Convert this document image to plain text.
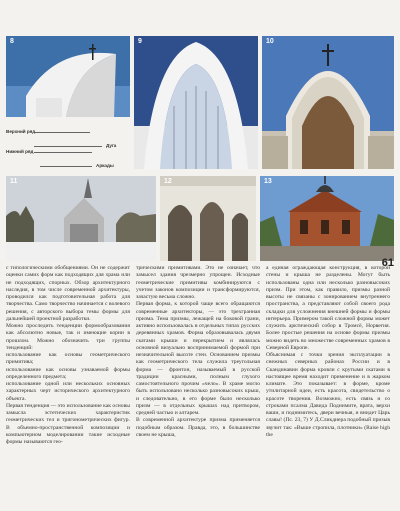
8	9	10
11	12	13
Верхний ряд
Дуга
Нижний ряд
Аркады
61

с типологическими обобщениями. Он не содержит оценки самих форм как подходящих для храма или не подходящих, спорных. Обзор архитектурного наследия, в том числе современной архитектуры, проводился как подготовительная работа для творчества. Само творчество начинается с волевого решения, с авторского выбора темы формы для дальнейшей проектной разработки.

Можно проследить тенденции формообразования как абсолютно новые, так и имеющие корни в прошлом. Можно обозначить три группы тенденций:

использование как основы геометрического примитива;

использование как основы узнаваемой формы определенного предмета;

использование одной или нескольких основных характерных черт исторического архитектурного объекта.

Первая тенденция — это использование как основы замысла эстетических характеристик геометрических тел и тригонометрических фигур. В объемно-пространственной композиции и компьютерном моделировании такие исходные формы называются гео-

трическими примитивами. Это не означает, что замысел здания чрезмерно упрощен. Исходные геометрические примитивы комбинируются с учетом законов композиции и трансформируются, зачастую весьма сложно.

Первая форма, к которой чаще всего обращаются современные архитекторы, — это трехгранная призма. Тема призмы, лежащей на боковой грани, активно использовалась в отдельных типах русских деревянных храмов. Форма образовывалась двумя скатами крыши и перекрытием и являлась основной визуально воспринимаемой формой при незначительной высоте стен. Основанием призмы как геометрического тела служила треугольная форма — фронтон, называемый в русской традиции красными, полным глухого самостоятельного прочим «чело». В храме могло быть использовано несколько разновысоких крыш, и следовательно, в его форме было несколько призм — в отдельных крышах над притвором, средней частью и алтарем.

В современной архитектуре призма применяется подобным образом. Правда, это, в большинстве своем не крыша,

а единая ограждающая конструкция, в которой стены и крыша не разделены. Могут быть использованы одна или несколько разновысоких призм. При этом, как правило, призмы разной высоты не связаны с зонированием внутреннего пространства, а представляют собой своего рода складки для усложнения внешней формы и формы интерьера. Примером такой сложной формы может служить арктический собор в Тромсё, Норвегия. Более простые решения на основе формы призмы можно видеть во множестве современных храмов в Северной Европе.

Объяснимая с точки зрения эксплуатации в снежных северных районах России и в Скандинавии форма кровли с крутыми скатами в настоящее время находит применение и в жарком климате. Это показывает: в форме, кроме утилитарной идеи, есть красота, свидетельство о красоте творения. Возможно, есть связь и со строками псалма Давида Поднимите, врата, верхи ваши, и поднимитесь, двери вечныя, и внидет Царь славы! (Пс. 23, 7) У Д.Сликдиера подобный призыв звучит так: «Выше стропила, плотники» (Raise high the
